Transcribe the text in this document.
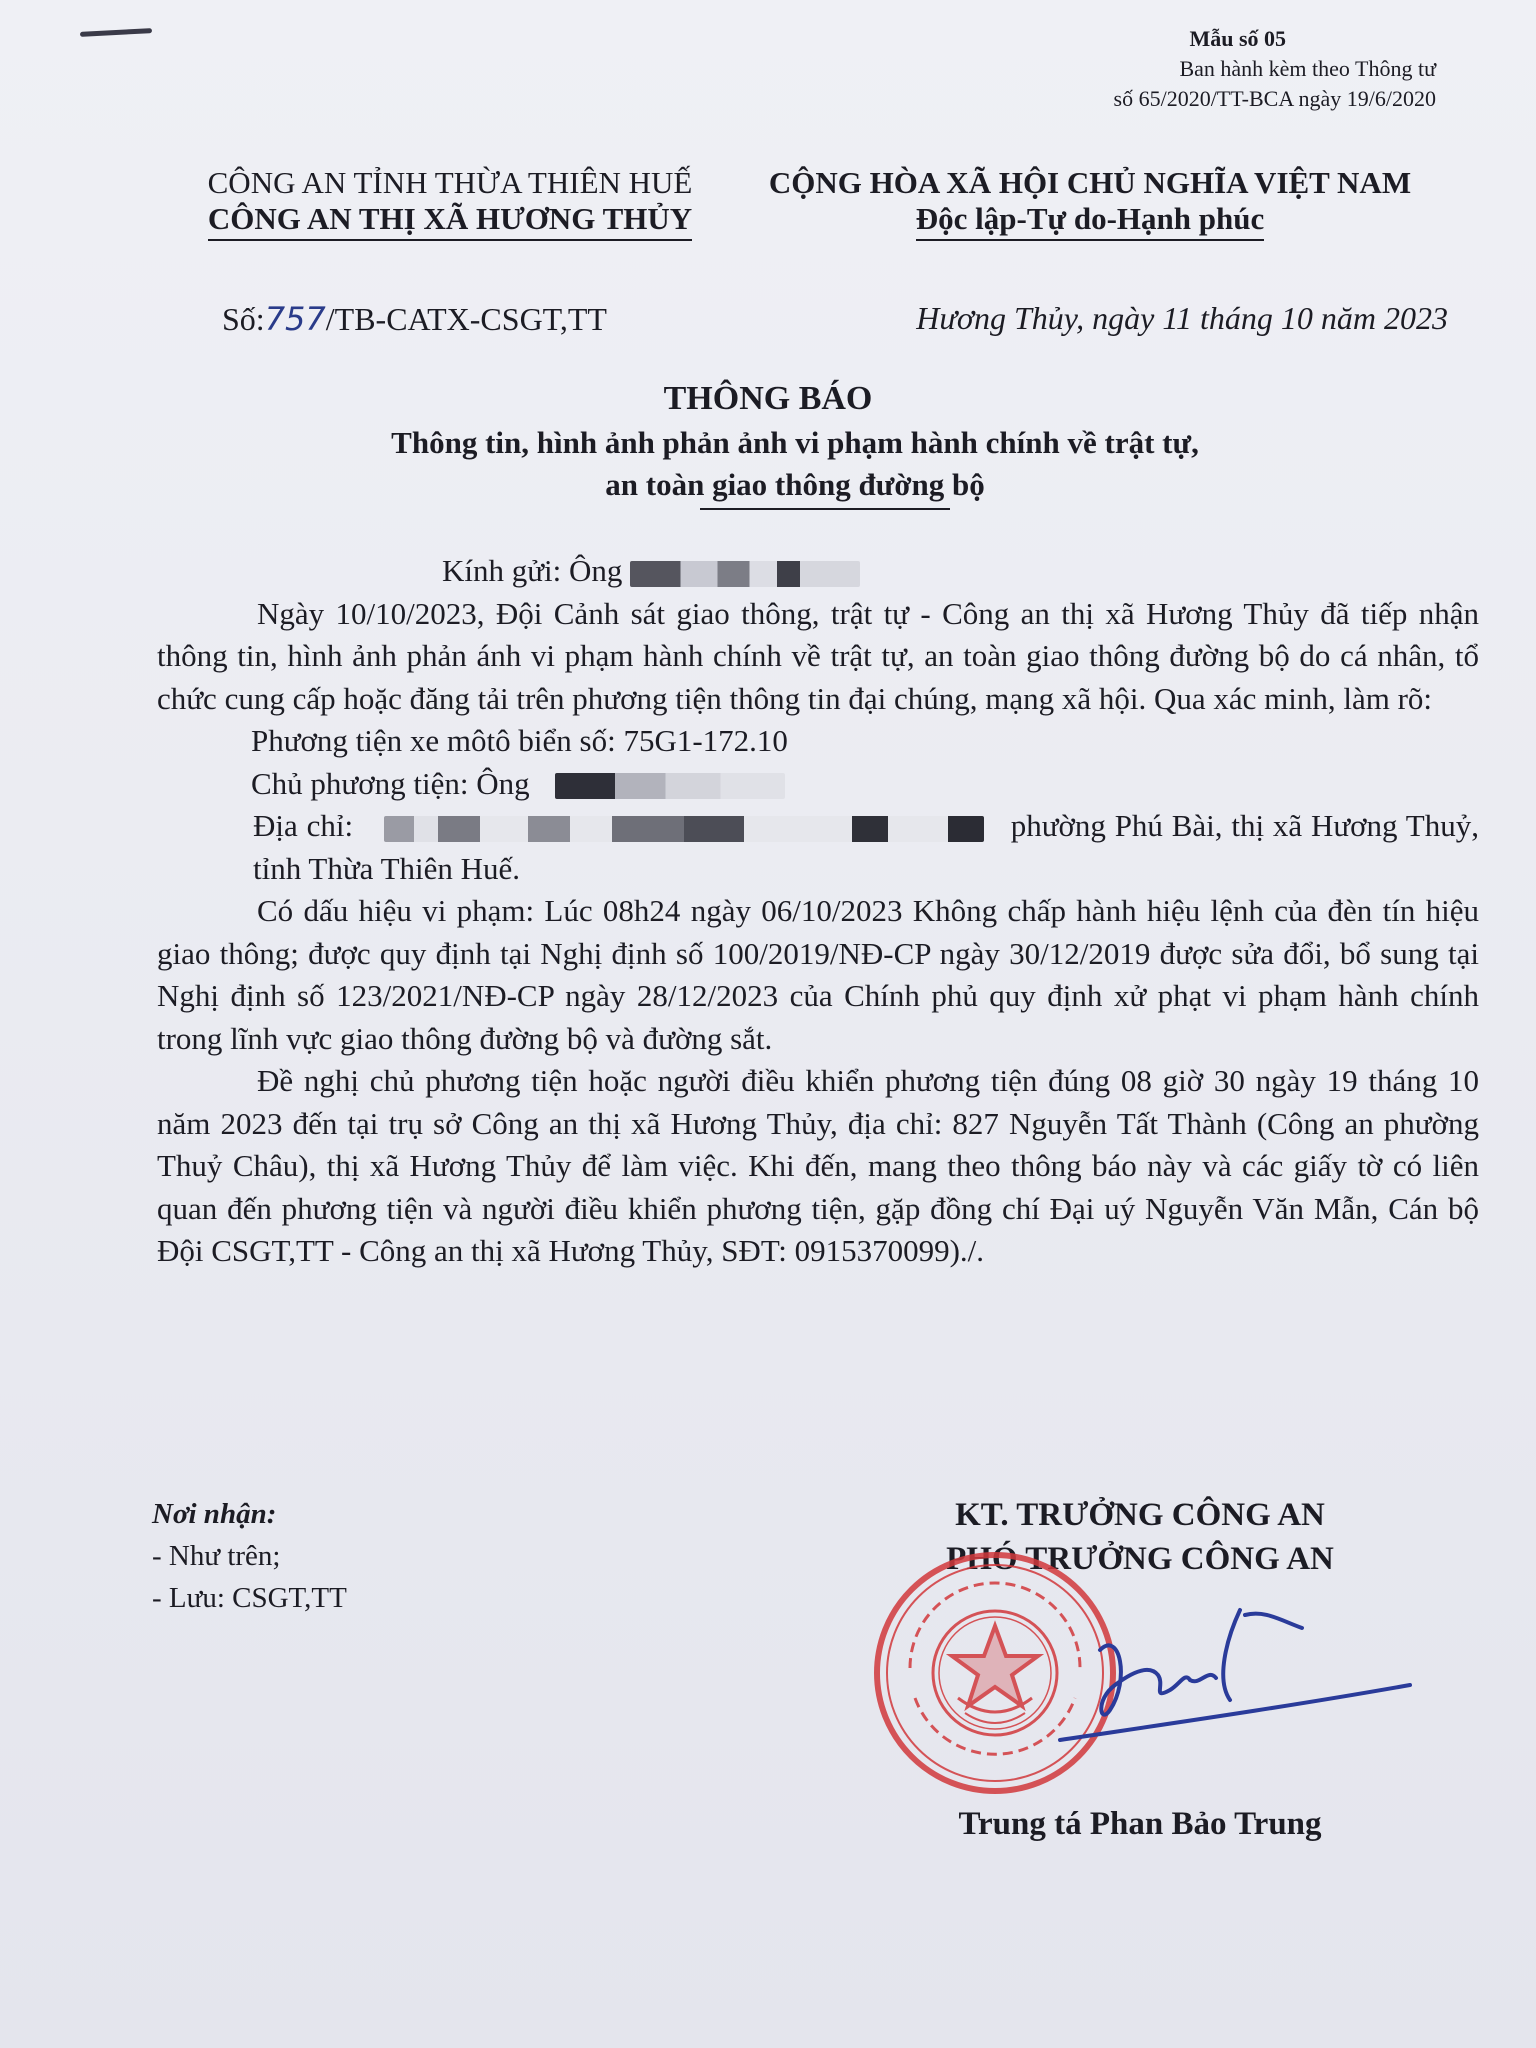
Mẫu số 05
Ban hành kèm theo Thông tư
số 65/2020/TT-BCA ngày 19/6/2020
CÔNG AN TỈNH THỪA THIÊN HUẾ
CÔNG AN THỊ XÃ HƯƠNG THỦY
CỘNG HÒA XÃ HỘI CHỦ NGHĨA VIỆT NAM
Độc lập-Tự do-Hạnh phúc
Số:757/TB-CATX-CSGT,TT	Hương Thủy, ngày 11 tháng 10 năm 2023
THÔNG BÁO
Thông tin, hình ảnh phản ảnh vi phạm hành chính về trật tự,
an toàn giao thông đường bộ

Kính gửi: Ông

Ngày 10/10/2023, Đội Cảnh sát giao thông, trật tự - Công an thị xã Hương Thủy đã tiếp nhận thông tin, hình ảnh phản ánh vi phạm hành chính về trật tự, an toàn giao thông đường bộ do cá nhân, tổ chức cung cấp hoặc đăng tải trên phương tiện thông tin đại chúng, mạng xã hội. Qua xác minh, làm rõ:

Phương tiện xe môtô biển số: 75G1-172.10

Chủ phương tiện: Ông

Địa chỉ:	phường Phú Bài, thị xã Hương Thuỷ, tỉnh Thừa Thiên Huế.

Có dấu hiệu vi phạm: Lúc 08h24 ngày 06/10/2023 Không chấp hành hiệu lệnh của đèn tín hiệu giao thông; được quy định tại Nghị định số 100/2019/NĐ-CP ngày 30/12/2019 được sửa đổi, bổ sung tại Nghị định số 123/2021/NĐ-CP ngày 28/12/2023 của Chính phủ quy định xử phạt vi phạm hành chính trong lĩnh vực giao thông đường bộ và đường sắt.

Đề nghị chủ phương tiện hoặc người điều khiển phương tiện đúng 08 giờ 30 ngày 19 tháng 10 năm 2023 đến tại trụ sở Công an thị xã Hương Thủy, địa chỉ: 827 Nguyễn Tất Thành (Công an phường Thuỷ Châu), thị xã Hương Thủy để làm việc. Khi đến, mang theo thông báo này và các giấy tờ có liên quan đến phương tiện và người điều khiển phương tiện, gặp đồng chí Đại uý Nguyễn Văn Mẫn, Cán bộ Đội CSGT,TT - Công an thị xã Hương Thủy, SĐT: 0915370099)./.

Nơi nhận:
- Như trên;
- Lưu: CSGT,TT
KT. TRƯỞNG CÔNG AN
PHÓ TRƯỞNG CÔNG AN
Trung tá Phan Bảo Trung
